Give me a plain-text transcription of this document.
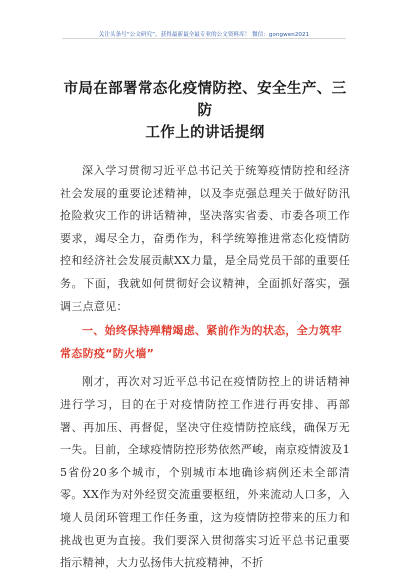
关注头条号“公文研究”，获得最新最全最专业的公文资料库！ 微信：gongwen2021
市局在部署常态化疫情防控、安全生产、三防
工作上的讲话提纲

深入学习贯彻习近平总书记关于统筹疫情防控和经济社会发展的重要论述精神，以及李克强总理关于做好防汛抢险救灾工作的讲话精神，坚决落实省委、市委各项工作要求，竭尽全力，奋勇作为，科学统筹推进常态化疫情防控和经济社会发展贡献XX力量，是全局党员干部的重要任务。下面，我就如何贯彻好会议精神，全面抓好落实，强调三点意见：

一、始终保持殚精竭虑、紧前作为的状态，全力筑牢常态防疫“防火墙”

刚才，再次对习近平总书记在疫情防控上的讲话精神进行学习，目的在于对疫情防控工作进行再安排、再部署、再加压、再督促，坚决守住疫情防控底线，确保万无一失。目前，全球疫情防控形势依然严峻，南京疫情波及15省份20多个城市，个别城市本地确诊病例还未全部清零。XX作为对外经贸交流重要枢纽，外来流动人口多，入境人员闭环管理工作任务重，这为疫情防控带来的压力和挑战也更为直接。我们要深入贯彻落实习近平总书记重要指示精神，大力弘扬伟大抗疫精神，不折
